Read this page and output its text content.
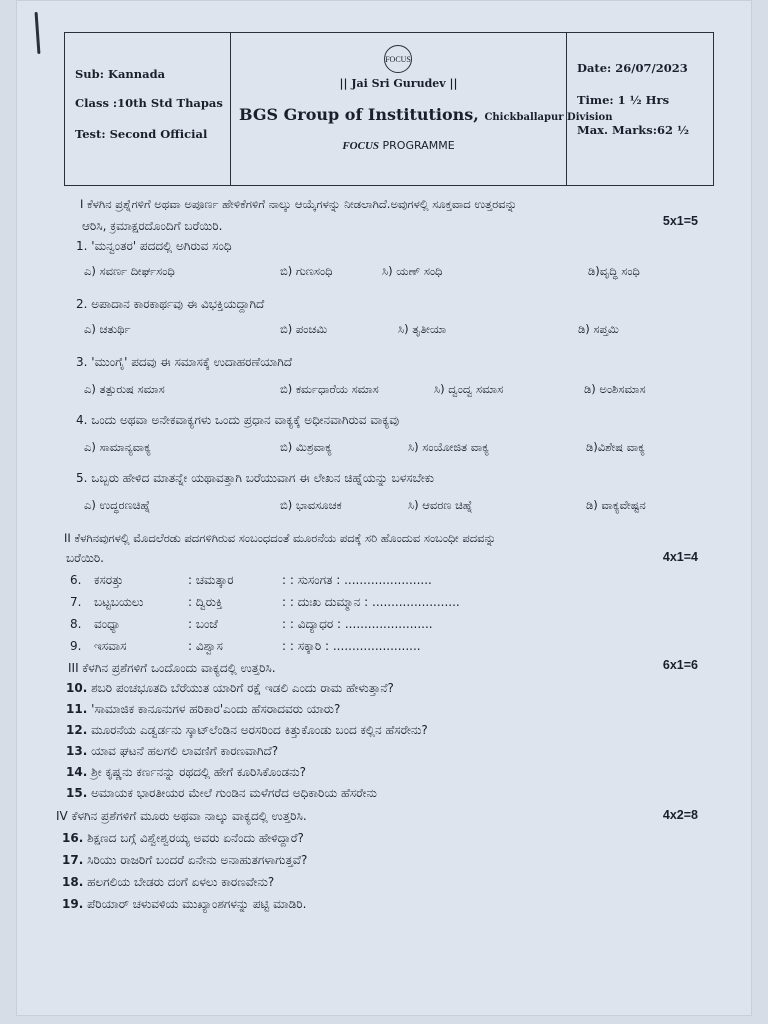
Sub: Kannada
Class :10th Std Thapas
Test: Second Official
FOCUS
|| Jai Sri Gurudev ||
BGS Group of Institutions, Chickballapur Division
FOCUS PROGRAMME
Date: 26/07/2023
Time: 1 ½ Hrs
Max. Marks:62 ½
I ಕೆಳಗಿನ ಪ್ರಶ್ನೆಗಳಿಗೆ ಅಥವಾ ಅಪೂರ್ಣ ಹೇಳಿಕೆಗಳಿಗೆ ನಾಲ್ಕು ಆಯ್ಕೆಗಳನ್ನು ನೀಡಲಾಗಿದೆ.ಅವುಗಳಲ್ಲಿ ಸೂಕ್ತವಾದ ಉತ್ತರವನ್ನು
ಆರಿಸಿ, ಕ್ರಮಾಕ್ಷರದೊಂದಿಗೆ ಬರೆಯಿರಿ.	5x1=5
1. 'ಮನ್ವಂತರ' ಪದದಲ್ಲಿ ಅಗಿರುವ ಸಂಧಿ
ಎ) ಸವರ್ಣ ದೀರ್ಘಸಂಧಿ	ಬಿ) ಗುಣಸಂಧಿ	ಸಿ) ಯಣ್ ಸಂಧಿ	ಡಿ)ವೃದ್ಧಿ ಸಂಧಿ
2. ಅಪಾದಾನ ಕಾರಕಾರ್ಥವು ಈ ವಿಭಕ್ತಿಯದ್ದಾಗಿದೆ
ಎ) ಚತುರ್ಥಿ	ಬಿ) ಪಂಚಮಿ	ಸಿ) ತೃತೀಯಾ	ಡಿ) ಸಪ್ತಮಿ
3. 'ಮುಂಗೈ' ಪದವು ಈ ಸಮಾಸಕ್ಕೆ ಉದಾಹರಣೆಯಾಗಿದೆ
ಎ) ತತ್ಪುರುಷ ಸಮಾಸ	ಬಿ) ಕರ್ಮಧಾರೆಯ ಸಮಾಸ	ಸಿ) ದ್ವಂದ್ವ ಸಮಾಸ	ಡಿ) ಅಂಶಿಸಮಾಸ
4. ಒಂದು ಅಥವಾ ಅನೇಕವಾಕ್ಯಗಳು ಒಂದು ಪ್ರಧಾನ ವಾಕ್ಯಕ್ಕೆ ಅಧೀನವಾಗಿರುವ ವಾಕ್ಯವು
ಎ) ಸಾಮಾನ್ಯವಾಕ್ಯ	ಬಿ) ಮಿಶ್ರವಾಕ್ಯ	ಸಿ) ಸಂಯೋಜಿತ ವಾಕ್ಯ	ಡಿ)ವಿಶೇಷ ವಾಕ್ಯ
5. ಒಬ್ಬರು ಹೇಳಿದ ಮಾತನ್ನೇ ಯಥಾವತ್ತಾಗಿ ಬರೆಯುವಾಗ ಈ ಲೇಖನ ಚಿಹ್ನೆಯನ್ನು ಬಳಸಬೇಕು
ಎ) ಉದ್ಧರಣಚಿಹ್ನೆ	ಬಿ) ಭಾವಸೂಚಕ	ಸಿ) ಆವರಣ ಚಿಹ್ನೆ	ಡಿ) ವಾಕ್ಯವೇಷ್ಟನ
II ಕೆಳಗಿನವುಗಳಲ್ಲಿ ಮೊದಲೆರಡು ಪದಗಳಿಗಿರುವ ಸಂಬಂಧದಂತೆ ಮೂರನೆಯ ಪದಕ್ಕೆ ಸರಿ ಹೊಂದುವ ಸಂಬಂಧೀ ಪದವನ್ನು
ಬರೆಯಿರಿ.	4x1=4
6. ಕಸರತ್ತು	: ಚಮತ್ಕಾರ	: : ಸುಸಂಗತ : .......................
7. ಬಟ್ಟಬಯಲು	: ದ್ವಿರುಕ್ತಿ	: : ದುಃಖ ದುಮ್ಮಾನ : .......................
8. ವಂಧ್ಯಾ	: ಬಂಜೆ	: : ವಿದ್ಯಾಧರ : .......................
9. ಇಸವಾಸ	: ವಿಶ್ವಾಸ	: : ಸಕ್ಕಾರಿ : .......................
III ಕೆಳಗಿನ ಪ್ರಶೆಗಳಿಗೆ ಒಂದೊಂದು ವಾಕ್ಯದಲ್ಲಿ ಉತ್ತರಿಸಿ.	6x1=6
10. ಶಬರಿ ಪಂಚಭೂತದಿ ಬೆರೆಯುತ ಯಾರಿಗೆ ರಕ್ಷೆ ಇಡಲಿ ಎಂದು ರಾಮ ಹೇಳುತ್ತಾನೆ?
11. 'ಸಾಮಾಜಿಕ ಕಾನೂನುಗಳ ಹರಿಕಾರ'ಎಂದು ಹೆಸರಾದವರು ಯಾರು?
12. ಮೂರನೆಯ ಎಡ್ವರ್ಡನು ಸ್ಕಾಟ್‌ಲೆಂಡಿನ ಅರಸರಿಂದ ಕಿತ್ತುಕೊಂಡು ಬಂದ ಕಲ್ಲಿನ ಹೆಸರೇನು?
13. ಯಾವ ಘಟನೆ ಹಲಗಲಿ ಲಾವಣಿಗೆ ಕಾರಣವಾಗಿದೆ?
14. ಶ್ರೀ ಕೃಷ್ಣನು ಕರ್ಣನನ್ನು ರಥದಲ್ಲಿ ಹೇಗೆ ಕೂರಿಸಿಕೊಂಡನು?
15. ಅಮಾಯಕ ಭಾರತೀಯರ ಮೇಲೆ ಗುಂಡಿನ ಮಳೆಗರೆದ ಅಧಿಕಾರಿಯ ಹೆಸರೇನು
IV ಕೆಳಗಿನ ಪ್ರಶೆಗಳಿಗೆ ಮೂರು ಅಥವಾ ನಾಲ್ಕು ವಾಕ್ಯದಲ್ಲಿ ಉತ್ತರಿಸಿ.	4x2=8
16. ಶಿಕ್ಷಣದ ಬಗ್ಗೆ ವಿಶ್ವೇಶ್ವರಯ್ಯ ಅವರು ಏನೆಂದು ಹೇಳಿದ್ದಾರೆ?
17. ಸಿರಿಯು ರಾಜರಿಗೆ ಬಂದರೆ ಏನೇನು ಅನಾಹುತಗಳಾಗುತ್ತವೆ?
18. ಹಲಗಲಿಯ ಬೇಡರು ದಂಗೆ ಏಳಲು ಕಾರಣವೇನು?
19. ಪೆರಿಯಾರ್ ಚಳುವಳಿಯ ಮುಖ್ಯಾಂಶಗಳನ್ನು ಪಟ್ಟಿ ಮಾಡಿರಿ.
